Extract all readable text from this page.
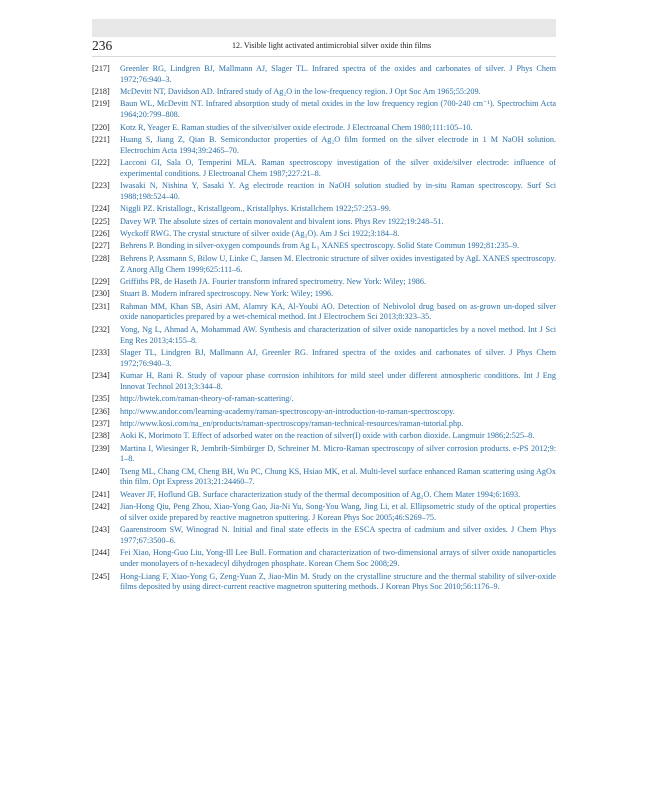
236	12. Visible light activated antimicrobial silver oxide thin films
[217]	Greenler RG, Lindgren BJ, Mallmann AJ, Slager TL. Infrared spectra of the oxides and carbonates of silver. J Phys Chem 1972;76:940–3.
[218]	McDevitt NT, Davidson AD. Infrared study of Ag₂O in the low-frequency region. J Opt Soc Am 1965;55:209.
[219]	Baun WL, McDevitt NT. Infrared absorption study of metal oxides in the low frequency region (700-240 cm⁻¹). Spectrochim Acta 1964;20:799–808.
[220]	Kotz R, Yeager E. Raman studies of the silver/silver oxide electrode. J Electroanal Chem 1980;111:105–10.
[221]	Huang S, Jiang Z, Qian B. Semiconductor properties of Ag₂O film formed on the silver electrode in 1 M NaOH solution. Electrochim Acta 1994;39:2465–70.
[222]	Lacconi GI, Sala O, Temperini MLA. Raman spectroscopy investigation of the silver oxide/silver electrode: influence of experimental conditions. J Electroanal Chem 1987;227:21–8.
[223]	Iwasaki N, Nishina Y, Sasaki Y. Ag electrode reaction in NaOH solution studied by in-situ Raman spectroscopy. Surf Sci 1988;198:524–40.
[224]	Niggli PZ. Kristallogr., Kristallgeom., Kristallphys. Kristallchem 1922;57:253–99.
[225]	Davey WP. The absolute sizes of certain monovalent and bivalent ions. Phys Rev 1922;19:248–51.
[226]	Wyckoff RWG. The crystal structure of silver oxide (Ag₂O). Am J Sci 1922;3:184–8.
[227]	Behrens P. Bonding in silver-oxygen compounds from Ag L₃ XANES spectroscopy. Solid State Commun 1992;81:235–9.
[228]	Behrens P, Assmann S, Bilow U, Linke C, Jansen M. Electronic structure of silver oxides investigated by AgL XANES spectroscopy. Z Anorg Allg Chem 1999;625:111–6.
[229]	Griffiths PR, de Haseth JA. Fourier transform infrared spectrometry. New York: Wiley; 1986.
[230]	Stuart B. Modern infrared spectroscopy. New York: Wiley; 1996.
[231]	Rahman MM, Khan SB, Asiri AM, Alamry KA, Al-Youbi AO. Detection of Nebivolol drug based on as-grown un-doped silver oxide nanoparticles prepared by a wet-chemical method. Int J Electrochem Sci 2013;8:323–35.
[232]	Yong, Ng L, Ahmad A, Mohammad AW. Synthesis and characterization of silver oxide nanoparticles by a novel method. Int J Sci Eng Res 2013;4:155–8.
[233]	Slager TL, Lindgren BJ, Mallmann AJ, Greenler RG. Infrared spectra of the oxides and carbonates of silver. J Phys Chem 1972;76:940–3.
[234]	Kumar H, Rani R. Study of vapour phase corrosion inhibitors for mild steel under different atmospheric conditions. Int J Eng Innovat Technol 2013;3:344–8.
[235]	http://bwtek.com/raman-theory-of-raman-scattering/.
[236]	http://www.andor.com/learning-academy/raman-spectroscopy-an-introduction-to-raman-spectroscopy.
[237]	http://www.kosi.com/na_en/products/raman-spectroscopy/raman-technical-resources/raman-tutorial.php.
[238]	Aoki K, Morimoto T. Effect of adsorbed water on the reaction of silver(I) oxide with carbon dioxide. Langmuir 1986;2:525–8.
[239]	Martina I, Wiesinger R, Jembrih-Simbürger D, Schreiner M. Micro-Raman spectroscopy of silver corrosion products. e-PS 2012;9: 1–8.
[240]	Tseng ML, Chang CM, Cheng BH, Wu PC, Chung KS, Hsiao MK, et al. Multi-level surface enhanced Raman scattering using AgOx thin film. Opt Express 2013;21:24460–7.
[241]	Weaver JF, Hoflund GB. Surface characterization study of the thermal decomposition of Ag₂O. Chem Mater 1994;6:1693.
[242]	Jian-Hong Qiu, Peng Zhou, Xiao-Yong Gao, Jia-Ni Yu, Song-You Wang, Jing Li, et al. Ellipsometric study of the optical properties of silver oxide prepared by reactive magnetron sputtering. J Korean Phys Soc 2005;46:S269–75.
[243]	Gaarenstroom SW, Winograd N. Initial and final state effects in the ESCA spectra of cadmium and silver oxides. J Chem Phys 1977;67:3500–6.
[244]	Fei Xiao, Hong-Guo Liu, Yong-Ill Lee Bull. Formation and characterization of two-dimensional arrays of silver oxide nanoparticles under monolayers of n-hexadecyl dihydrogen phosphate. Korean Chem Soc 2008;29.
[245]	Hong-Liang F, Xiao-Yong G, Zeng-Yuan Z, Jiao-Min M. Study on the crystalline structure and the thermal stability of silver-oxide films deposited by using direct-current reactive magnetron sputtering methods. J Korean Phys Soc 2010;56:1176–9.
